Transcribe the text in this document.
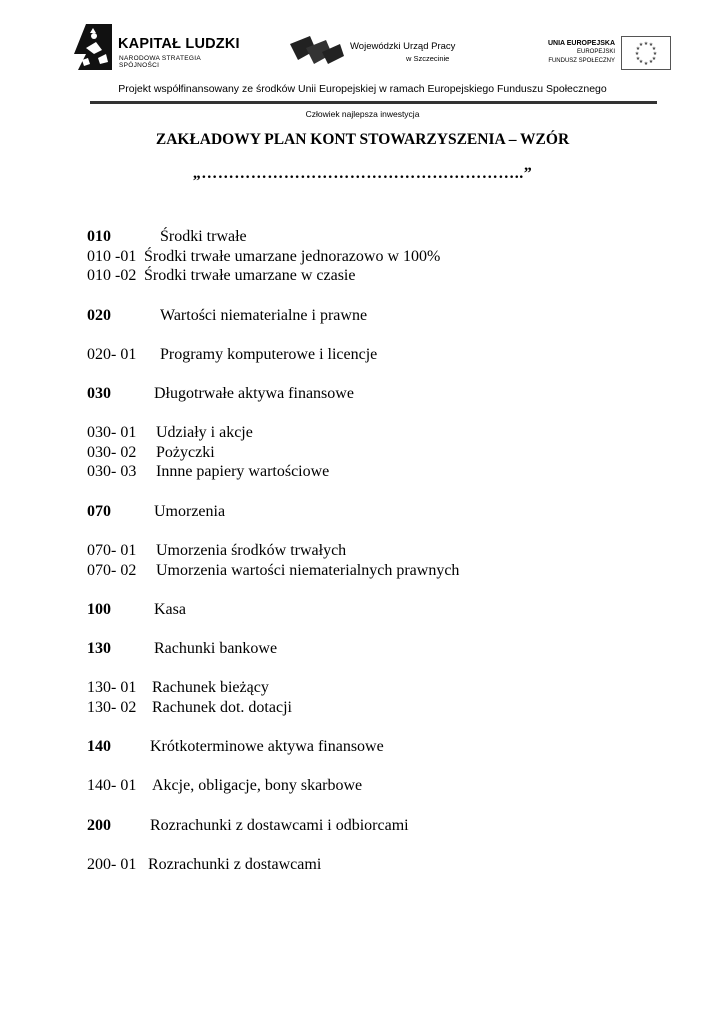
KAPITAŁ LUDZKI
NARODOWA STRATEGIA SPÓJNOŚCI
Wojewódzki Urząd Pracy
w Szczecinie
UNIA EUROPEJSKA
EUROPEJSKI
FUNDUSZ SPOŁECZNY
★ ★
★
★
★
★
★
★
★
★
★
★
Projekt współfinansowany ze środków Unii Europejskiej w ramach Europejskiego Funduszu Społecznego
Człowiek najlepsza inwestycja
ZAKŁADOWY PLAN KONT STOWARZYSZENIA – WZÓR
„…………………………………………………..”
010	Środki trwałe
010 -01 Środki trwałe umarzane jednorazowo w 100%
010 -02 Środki trwałe umarzane w czasie
020	Wartości niematerialne i prawne
020- 01 Programy komputerowe i licencje
030	Długotrwałe aktywa finansowe
030- 01 Udziały i akcje
030- 02 Pożyczki
030- 03 Innne papiery wartościowe
070	Umorzenia
070- 01 Umorzenia środków trwałych
070- 02 Umorzenia wartości niematerialnych prawnych
100	Kasa
130	Rachunki bankowe
130- 01 Rachunek bieżący
130- 02 Rachunek dot. dotacji
140 Krótkoterminowe aktywa finansowe
140- 01 Akcje, obligacje, bony skarbowe
200 Rozrachunki z dostawcami i odbiorcami
200- 01 Rozrachunki z dostawcami
